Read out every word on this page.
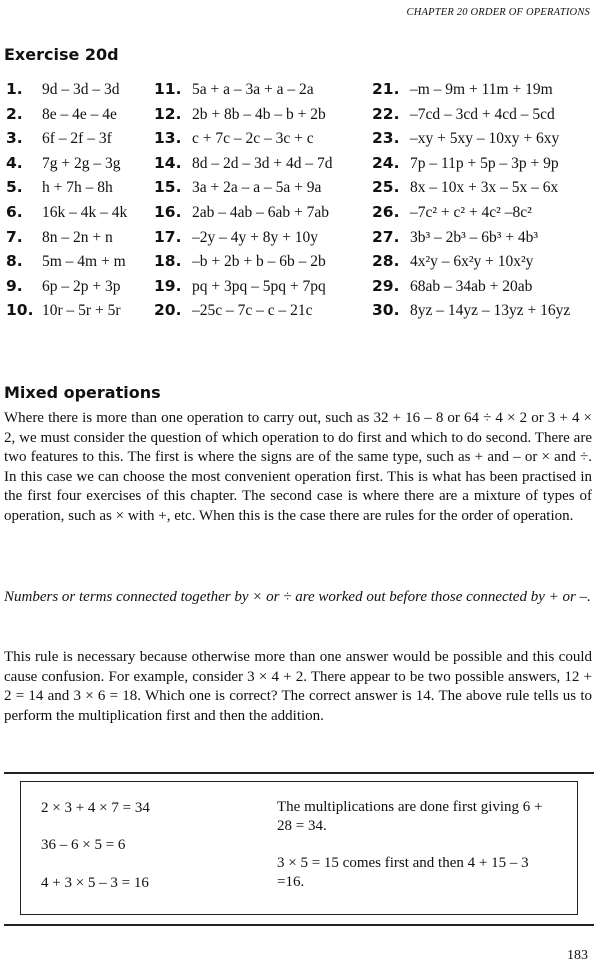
CHAPTER 20 ORDER OF OPERATIONS
Exercise 20d
1. 9d – 3d – 3d 11. 5a + a – 3a + a – 2a	21. –m – 9m + 11m + 19m
2. 8e – 4e – 4e 12. 2b + 8b – 4b – b + 2b	22. –7cd – 3cd + 4cd – 5cd
3. 6f – 2f – 3f	13. c + 7c – 2c – 3c + c	23. –xy + 5xy – 10xy + 6xy
4. 7g + 2g – 3g 14. 8d – 2d – 3d + 4d – 7d	24. 7p – 11p + 5p – 3p + 9p
5. h + 7h – 8h	15. 3a + 2a – a – 5a + 9a	25. 8x – 10x + 3x – 5x – 6x
6. 16k – 4k – 4k 16. 2ab – 4ab – 6ab + 7ab	26. –7c² + c² + 4c² –8c²
7. 8n – 2n + n	17. –2y – 4y + 8y + 10y	27. 3b³ – 2b³ – 6b³ + 4b³
8. 5m – 4m + m 18. –b + 2b + b – 6b – 2b	28. 4x²y – 6x²y + 10x²y
9. 6p – 2p + 3p 19. pq + 3pq – 5pq + 7pq	29. 68ab – 34ab + 20ab
10. 10r – 5r + 5r 20. –25c – 7c – c – 21c	30. 8yz – 14yz – 13yz + 16yz
Mixed operations
Where there is more than one operation to carry out, such as 32 + 16 – 8 or 64 ÷ 4 × 2 or 3 + 4 × 2, we must consider the question of which operation to do first and which to do second. There are two features to this. The first is where the signs are of the same type, such as + and – or × and ÷. In this case we can choose the most convenient operation first. This is what has been practised in the first four exercises of this chapter. The second case is where there are a mixture of types of operation, such as × with +, etc. When this is the case there are rules for the order of operation.
Numbers or terms connected together by × or ÷ are worked out before those connected by + or –.
This rule is necessary because otherwise more than one answer would be possible and this could cause confusion. For example, consider 3 × 4 + 2. There appear to be two possible answers, 12 + 2 = 14 and 3 × 6 = 18. Which one is correct? The correct answer is 14. The above rule tells us to perform the multiplication first and then the addition.
2 × 3 + 4 × 7 = 34
36 – 6 × 5 = 6
4 + 3 × 5 – 3 = 16
The multiplications are done first giving 6 + 28 = 34.
3 × 5 = 15 comes first and then 4 + 15 – 3 =16.
183
